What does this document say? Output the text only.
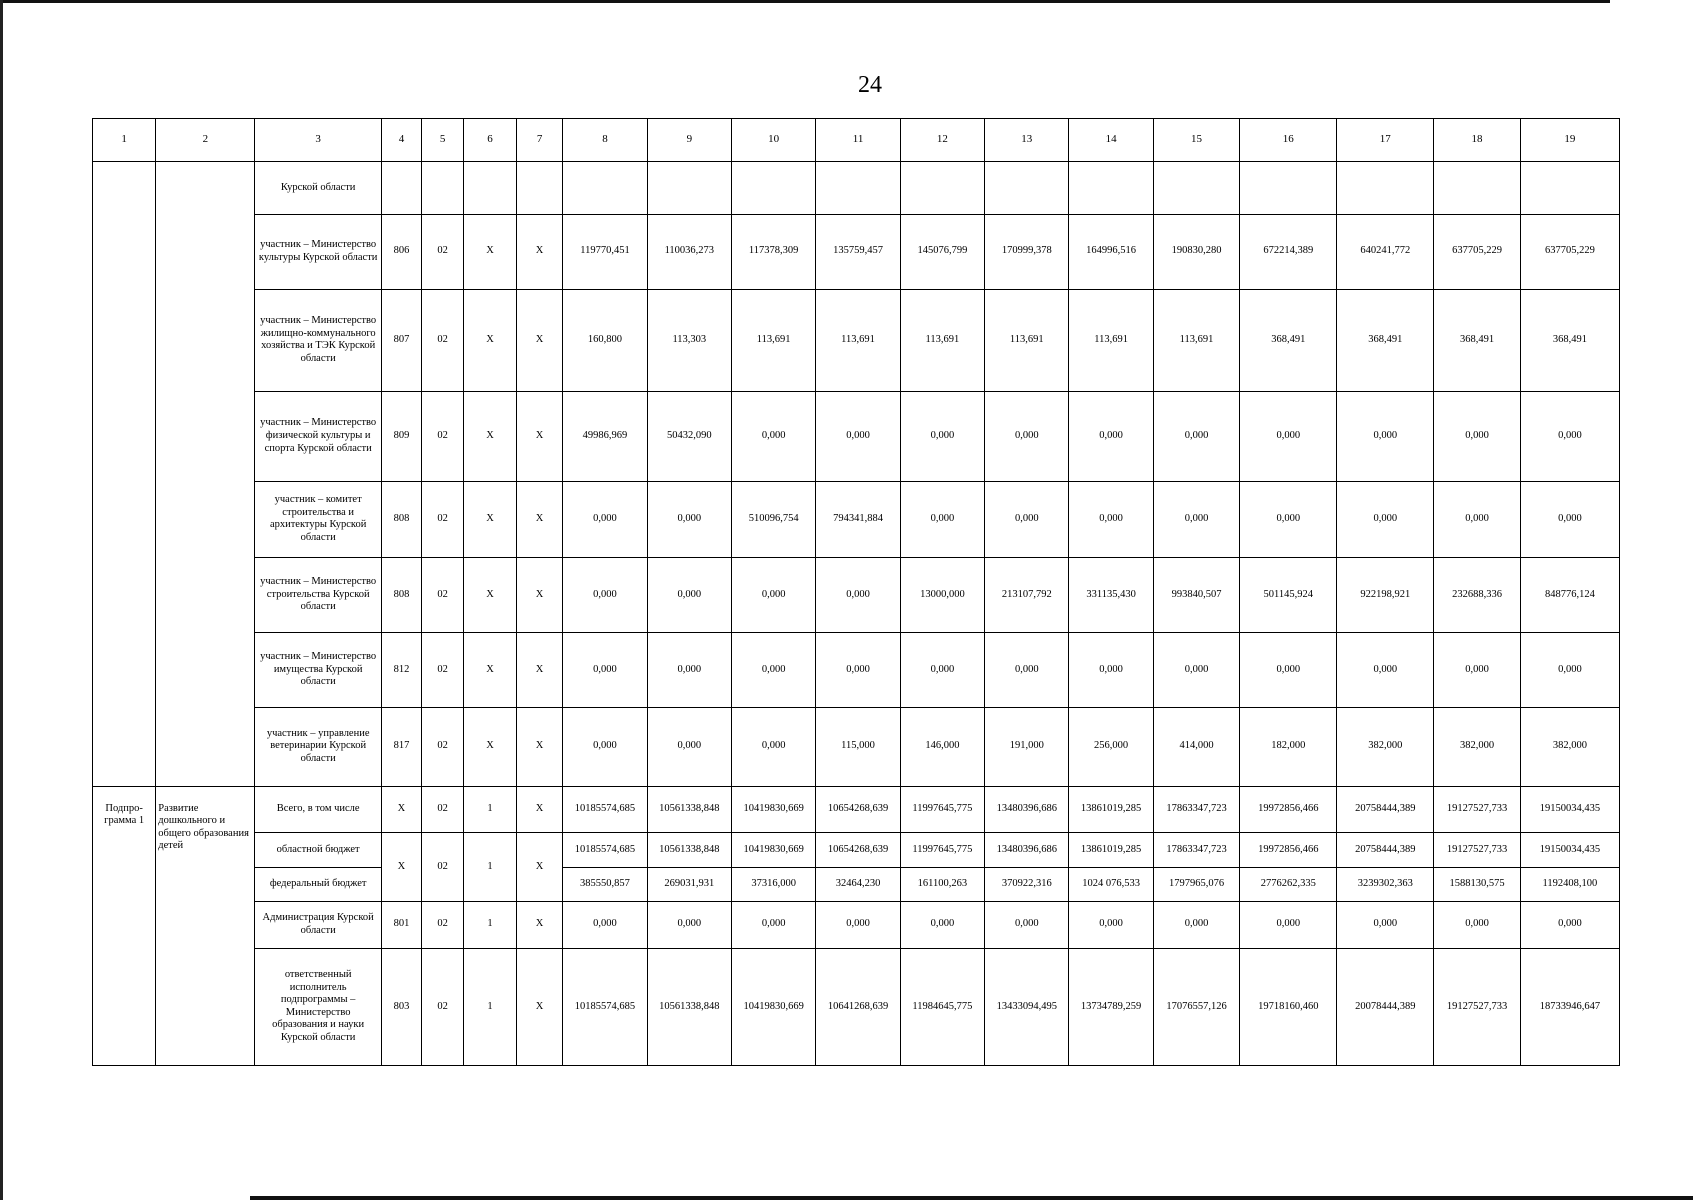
24
1	2	3	4	5	6	7	8	9	10	11	12	13	14	15	16	17	18	19
		Курской области																
		участник – Министерство культуры Курской области	806	02	Х	Х	119770,451	110036,273	117378,309	135759,457	145076,799	170999,378	164996,516	190830,280	672214,389	640241,772	637705,229	637705,229
		участник – Министерство жилищно-коммунального хозяйства и ТЭК Курской области	807	02	Х	Х	160,800	113,303	113,691	113,691	113,691	113,691	113,691	113,691	368,491	368,491	368,491	368,491
		участник – Министерство физической культуры и спорта Курской области	809	02	Х	Х	49986,969	50432,090	0,000	0,000	0,000	0,000	0,000	0,000	0,000	0,000	0,000	0,000
		участник – комитет строительства и архитектуры Курской области	808	02	Х	Х	0,000	0,000	510096,754	794341,884	0,000	0,000	0,000	0,000	0,000	0,000	0,000	0,000
		участник – Министерство строительства Курской области	808	02	Х	Х	0,000	0,000	0,000	0,000	13000,000	213107,792	331135,430	993840,507	501145,924	922198,921	232688,336	848776,124
		участник – Министерство имущества Курской области	812	02	Х	Х	0,000	0,000	0,000	0,000	0,000	0,000	0,000	0,000	0,000	0,000	0,000	0,000
		участник – управление ветеринарии Курской области	817	02	Х	Х	0,000	0,000	0,000	115,000	146,000	191,000	256,000	414,000	182,000	382,000	382,000	382,000
Подпро-грамма 1	Развитие дошкольного и общего образования детей	Всего, в том числе	Х	02	1	Х	10185574,685	10561338,848	10419830,669	10654268,639	11997645,775	13480396,686	13861019,285	17863347,723	19972856,466	20758444,389	19127527,733	19150034,435
		областной бюджет	Х	02	1	Х	10185574,685	10561338,848	10419830,669	10654268,639	11997645,775	13480396,686	13861019,285	17863347,723	19972856,466	20758444,389	19127527,733	19150034,435
		федеральный бюджет					385550,857	269031,931	37316,000	32464,230	161100,263	370922,316	1024 076,533	1797965,076	2776262,335	3239302,363	1588130,575	1192408,100
		Администрация Курской области	801	02	1	Х	0,000	0,000	0,000	0,000	0,000	0,000	0,000	0,000	0,000	0,000	0,000	0,000
		ответственный исполнитель подпрограммы – Министерство образования и науки Курской области	803	02	1	Х	10185574,685	10561338,848	10419830,669	10641268,639	11984645,775	13433094,495	13734789,259	17076557,126	19718160,460	20078444,389	19127527,733	18733946,647
